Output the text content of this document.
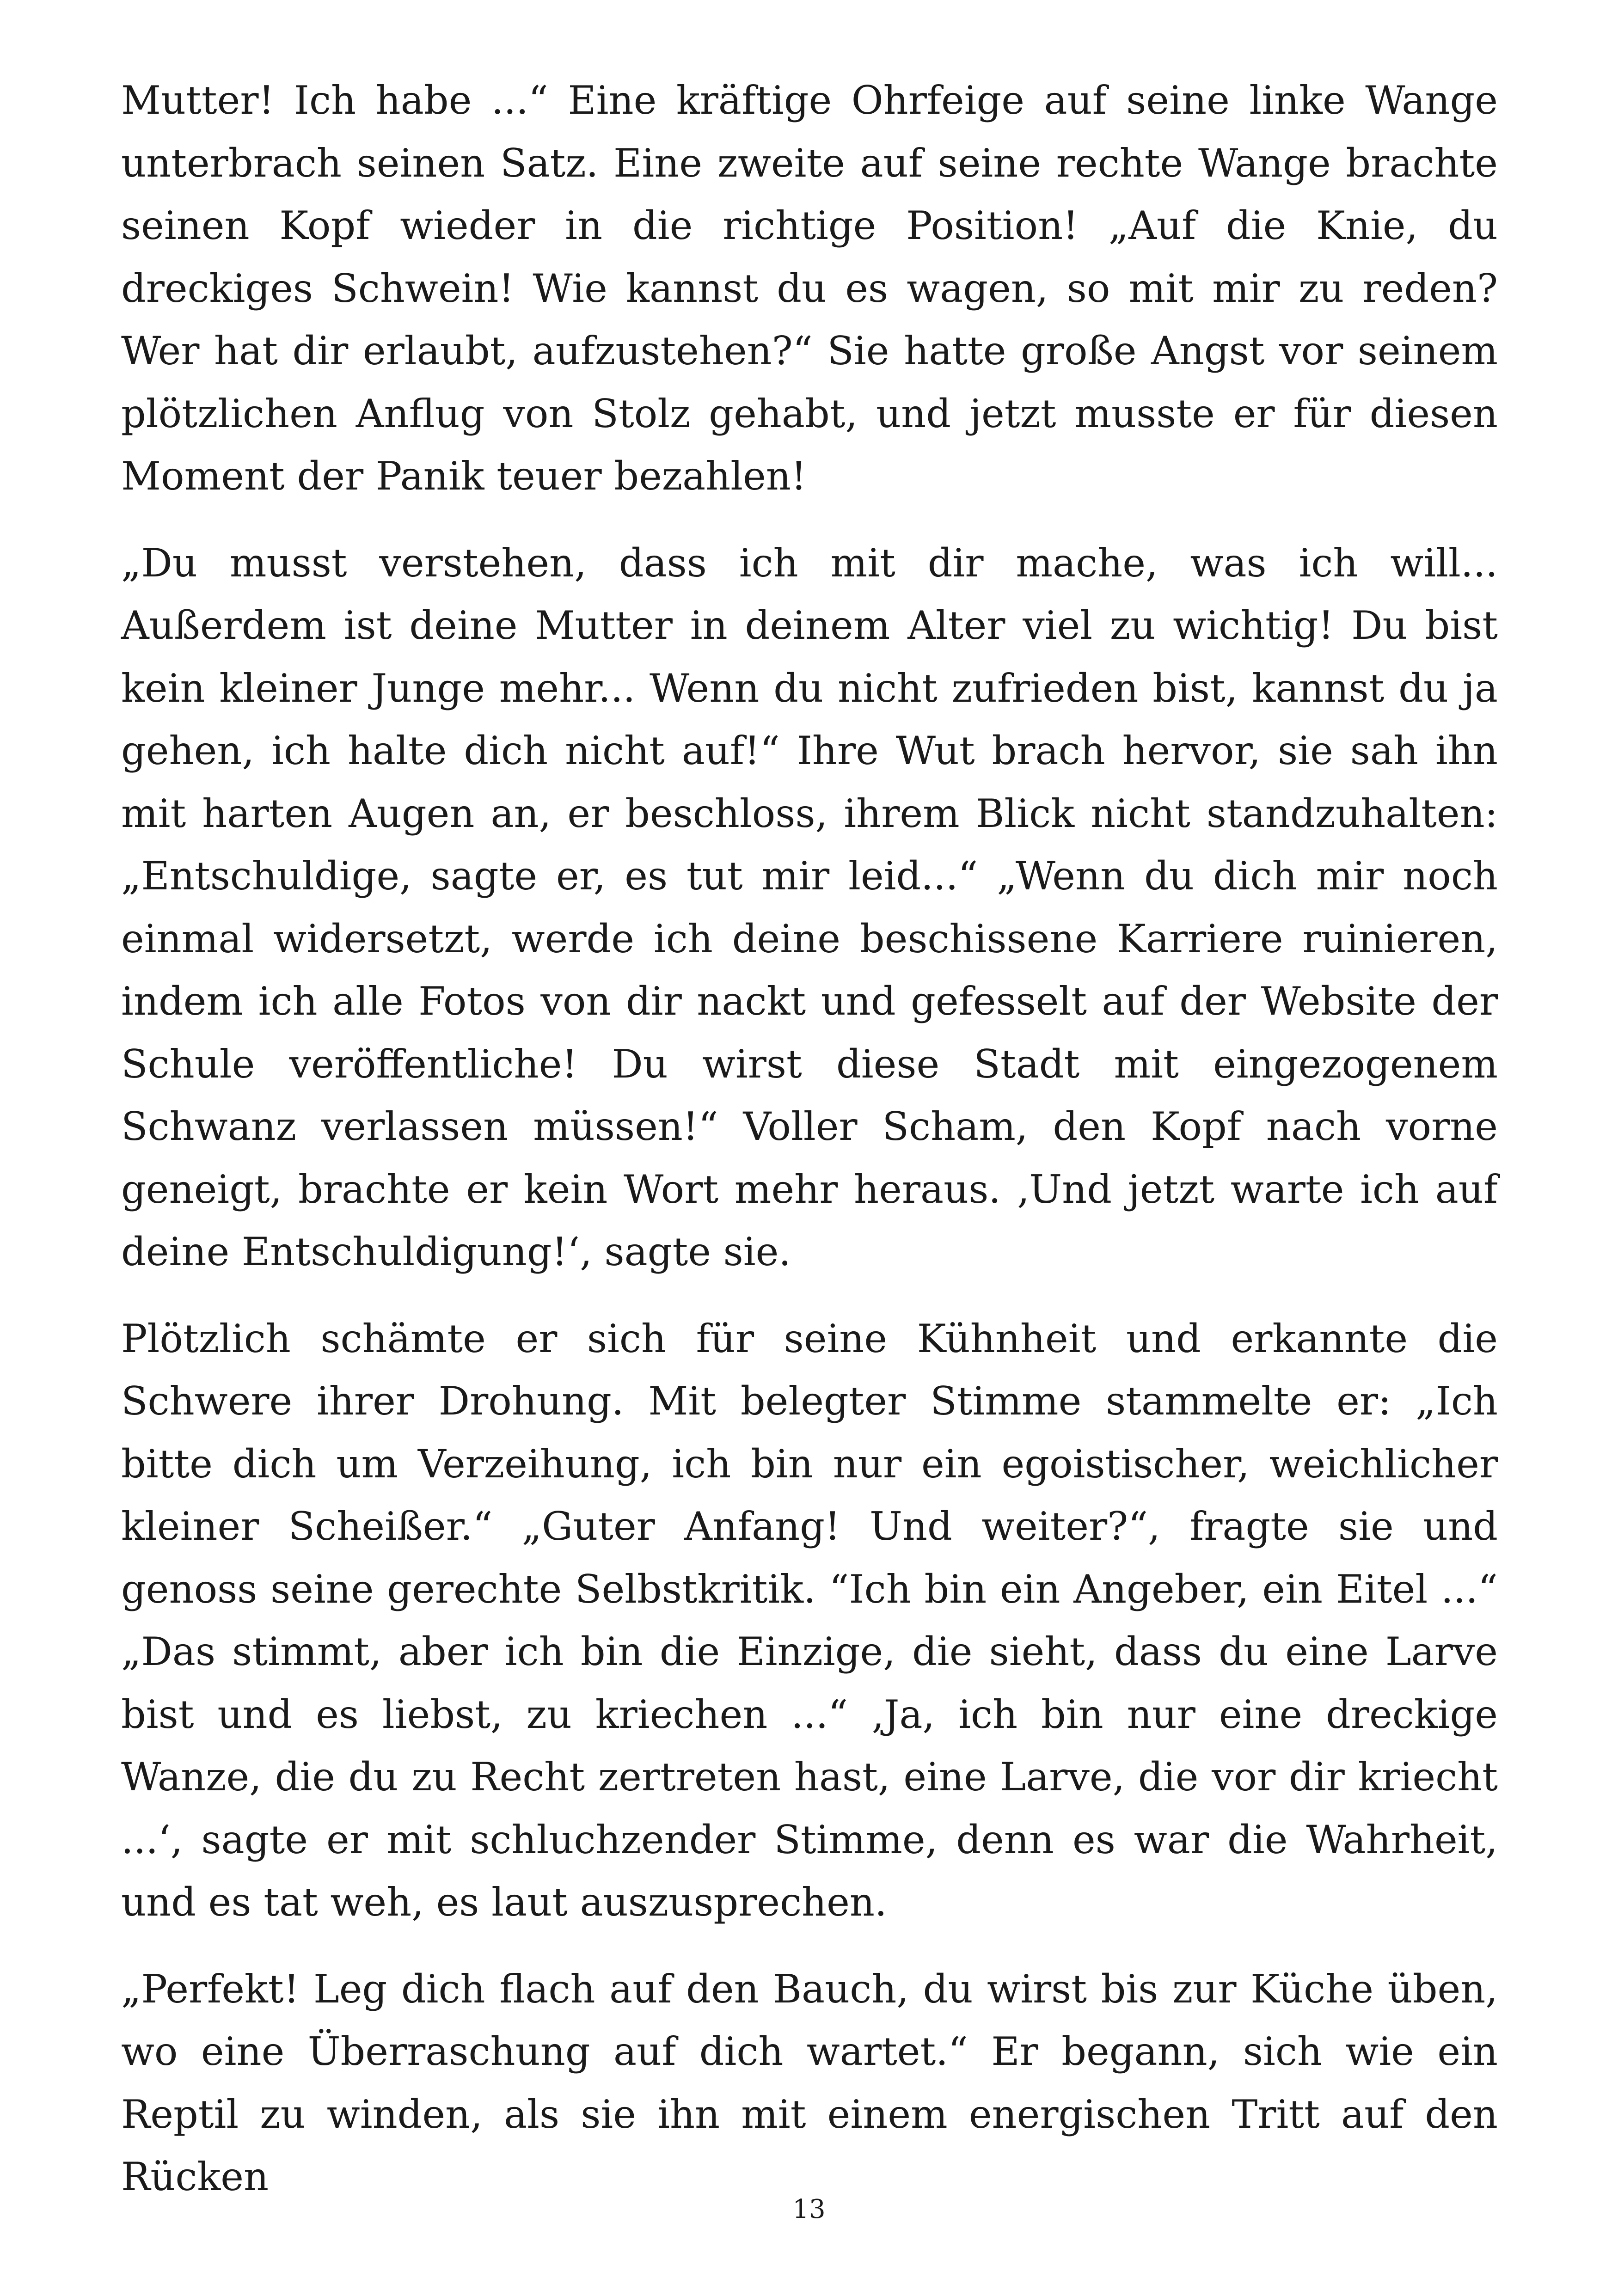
Mutter! Ich habe ...“ Eine kräftige Ohrfeige auf seine linke Wange unterbrach seinen Satz. Eine zweite auf seine rechte Wange brachte seinen Kopf wieder in die richtige Position! „Auf die Knie, du dreckiges Schwein! Wie kannst du es wagen, so mit mir zu reden? Wer hat dir erlaubt, aufzustehen?“ Sie hatte große Angst vor seinem plötzlichen Anflug von Stolz gehabt, und jetzt musste er für diesen Moment der Panik teuer bezahlen!

„Du musst verstehen, dass ich mit dir mache, was ich will... Außerdem ist deine Mutter in deinem Alter viel zu wichtig! Du bist kein kleiner Junge mehr... Wenn du nicht zufrieden bist, kannst du ja gehen, ich halte dich nicht auf!“ Ihre Wut brach hervor, sie sah ihn mit harten Augen an, er beschloss, ihrem Blick nicht standzuhalten: „Entschuldige, sagte er, es tut mir leid...“ „Wenn du dich mir noch einmal widersetzt, werde ich deine beschissene Karriere ruinieren, indem ich alle Fotos von dir nackt und gefesselt auf der Website der Schule veröffentliche! Du wirst diese Stadt mit eingezogenem Schwanz verlassen müssen!“ Voller Scham, den Kopf nach vorne geneigt, brachte er kein Wort mehr heraus. ‚Und jetzt warte ich auf deine Entschuldigung!‘, sagte sie.

Plötzlich schämte er sich für seine Kühnheit und erkannte die Schwere ihrer Drohung. Mit belegter Stimme stammelte er: „Ich bitte dich um Verzeihung, ich bin nur ein egoistischer, weichlicher kleiner Scheißer.“ „Guter Anfang! Und weiter?“, fragte sie und genoss seine gerechte Selbstkritik. “Ich bin ein Angeber, ein Eitel ...“ „Das stimmt, aber ich bin die Einzige, die sieht, dass du eine Larve bist und es liebst, zu kriechen ...“ ‚Ja, ich bin nur eine dreckige Wanze, die du zu Recht zertreten hast, eine Larve, die vor dir kriecht ...‘, sagte er mit schluchzender Stimme, denn es war die Wahrheit, und es tat weh, es laut auszusprechen.

„Perfekt! Leg dich flach auf den Bauch, du wirst bis zur Küche üben, wo eine Überraschung auf dich wartet.“ Er begann, sich wie ein Reptil zu winden, als sie ihn mit einem energischen Tritt auf den Rücken

13
